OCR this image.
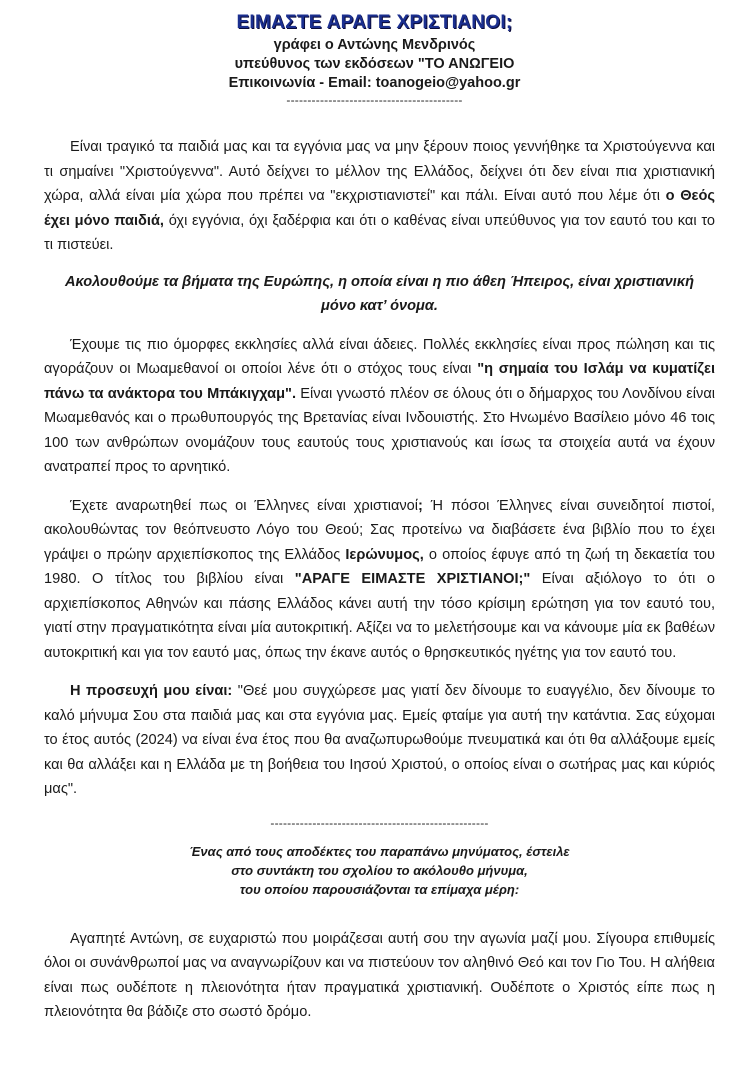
ΕΙΜΑΣΤΕ ΑΡΑΓΕ ΧΡΙΣΤΙΑΝΟΙ;

γράφει ο Αντώνης Μενδρινός

υπεύθυνος των εκδόσεων "ΤΟ ΑΝΩΓΕΙΟ

Επικοινωνία - Email: toanogeio@yahoo.gr

------------------------------------------

Είναι τραγικό τα παιδιά μας και τα εγγόνια μας να μην ξέρουν ποιος γεννήθηκε τα Χριστούγεννα και τι σημαίνει "Χριστούγεννα". Αυτό δείχνει το μέλλον της Ελλάδος, δείχνει ότι δεν είναι πια χριστιανική χώρα, αλλά είναι μία χώρα που πρέπει να "εκχριστιανιστεί" και πάλι. Είναι αυτό που λέμε ότι ο Θεός έχει μόνο παιδιά, όχι εγγόνια, όχι ξαδέρφια και ότι ο καθένας είναι υπεύθυνος για τον εαυτό του και το τι πιστεύει.

Ακολουθούμε τα βήματα της Ευρώπης, η οποία είναι η πιο άθεη Ήπειρος, είναι χριστιανική μόνο κατ’ όνομα.

Έχουμε τις πιο όμορφες εκκλησίες αλλά είναι άδειες. Πολλές εκκλησίες είναι προς πώληση και τις αγοράζουν οι Μωαμεθανοί οι οποίοι λένε ότι ο στόχος τους είναι "η σημαία του Ισλάμ να κυματίζει πάνω τα ανάκτορα του Μπάκιγχαμ". Είναι γνωστό πλέον σε όλους ότι ο δήμαρχος του Λονδίνου είναι Μωαμεθανός και ο πρωθυπουργός της Βρετανίας είναι Ινδουιστής. Στο Ηνωμένο Βασίλειο μόνο 46 τοις 100 των ανθρώπων ονομάζουν τους εαυτούς τους χριστιανούς και ίσως τα στοιχεία αυτά να έχουν ανατραπεί προς το αρνητικό.

Έχετε αναρωτηθεί πως οι Έλληνες είναι χριστιανοί; Ή πόσοι Έλληνες είναι συνειδητοί πιστοί, ακολουθώντας τον θεόπνευστο Λόγο του Θεού; Σας προτείνω να διαβάσετε ένα βιβλίο που το έχει γράψει ο πρώην αρχιεπίσκοπος της Ελλάδος Ιερώνυμος, ο οποίος έφυγε από τη ζωή τη δεκαετία του 1980. Ο τίτλος του βιβλίου είναι "ΑΡΑΓΕ ΕΙΜΑΣΤΕ ΧΡΙΣΤΙΑΝΟΙ;" Είναι αξιόλογο το ότι ο αρχιεπίσκοπος Αθηνών και πάσης Ελλάδος κάνει αυτή την τόσο κρίσιμη ερώτηση για τον εαυτό του, γιατί στην πραγματικότητα είναι μία αυτοκριτική. Αξίζει να το μελετήσουμε και να κάνουμε μία εκ βαθέων αυτοκριτική και για τον εαυτό μας, όπως την έκανε αυτός ο θρησκευτικός ηγέτης για τον εαυτό του.

Η προσευχή μου είναι: "Θεέ μου συγχώρεσε μας γιατί δεν δίνουμε το ευαγγέλιο, δεν δίνουμε το καλό μήνυμα Σου στα παιδιά μας και στα εγγόνια μας. Εμείς φταίμε για αυτή την κατάντια. Σας εύχομαι το έτος αυτός (2024) να είναι ένα έτος που θα αναζωπυρωθούμε πνευματικά και ότι θα αλλάξουμε εμείς και θα αλλάξει και η Ελλάδα με τη βοήθεια του Ιησού Χριστού, ο οποίος είναι ο σωτήρας μας και κύριός μας".

----------------------------------------------------

Ένας από τους αποδέκτες του παραπάνω μηνύματος, έστειλε

στο συντάκτη του σχολίου το ακόλουθο μήνυμα,

του οποίου παρουσιάζονται τα επίμαχα μέρη:

Αγαπητέ Αντώνη, σε ευχαριστώ που μοιράζεσαι αυτή σου την αγωνία μαζί μου. Σίγουρα επιθυμείς όλοι οι συνάνθρωποί μας να αναγνωρίζουν και να πιστεύουν τον αληθινό Θεό και τον Γιο Του. Η αλήθεια είναι πως ουδέποτε η πλειονότητα ήταν πραγματικά χριστιανική. Ουδέποτε ο Χριστός είπε πως η πλειονότητα θα βάδιζε στο σωστό δρόμο.
